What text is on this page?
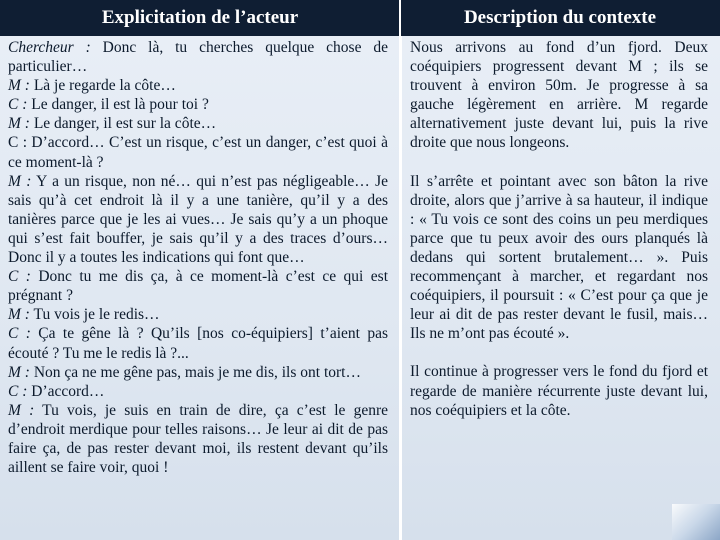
Explicitation de l’acteur	Description du contexte
Chercheur : Donc là, tu cherches quelque chose de particulier…
M : Là je regarde la côte…
C : Le danger, il est là pour toi ?
M : Le danger, il est sur la côte…
C : D’accord… C’est un risque, c’est un danger, c’est quoi à ce moment-là ?
M : Y a un risque, non né… qui n’est pas négligeable… Je sais qu’à cet endroit là il y a une tanière, qu’il y a des tanières parce que je les ai vues… Je sais qu’y a un phoque qui s’est fait bouffer, je sais qu’il y a des traces d’ours… Donc il y a toutes les indications qui font que…
C : Donc tu me dis ça, à ce moment-là c’est ce qui est prégnant ?
M : Tu vois je le redis…
C : Ça te gêne là ? Qu’ils [nos co-équipiers] t’aient pas écouté ? Tu me le redis là ?...
M : Non ça ne me gêne pas, mais je me dis, ils ont tort…
C : D’accord…
M : Tu vois, je suis en train de dire, ça c’est le genre d’endroit merdique pour telles raisons… Je leur ai dit de pas faire ça, de pas rester devant moi, ils restent devant qu’ils aillent se faire voir, quoi !

Nous arrivons au fond d’un fjord. Deux coéquipiers progressent devant M ; ils se trouvent à environ 50m. Je progresse à sa gauche légèrement en arrière. M regarde alternativement juste devant lui, puis la rive droite que nous longeons.

Il s’arrête et pointant avec son bâton la rive droite, alors que j’arrive à sa hauteur, il indique : « Tu vois ce sont des coins un peu merdiques parce que tu peux avoir des ours planqués là dedans qui sortent brutalement… ». Puis recommençant à marcher, et regardant nos coéquipiers, il poursuit : « C’est pour ça que je leur ai dit de pas rester devant le fusil, mais… Ils ne m’ont pas écouté ».

Il continue à progresser vers le fond du fjord et regarde de manière récurrente juste devant lui, nos coéquipiers et la côte.
